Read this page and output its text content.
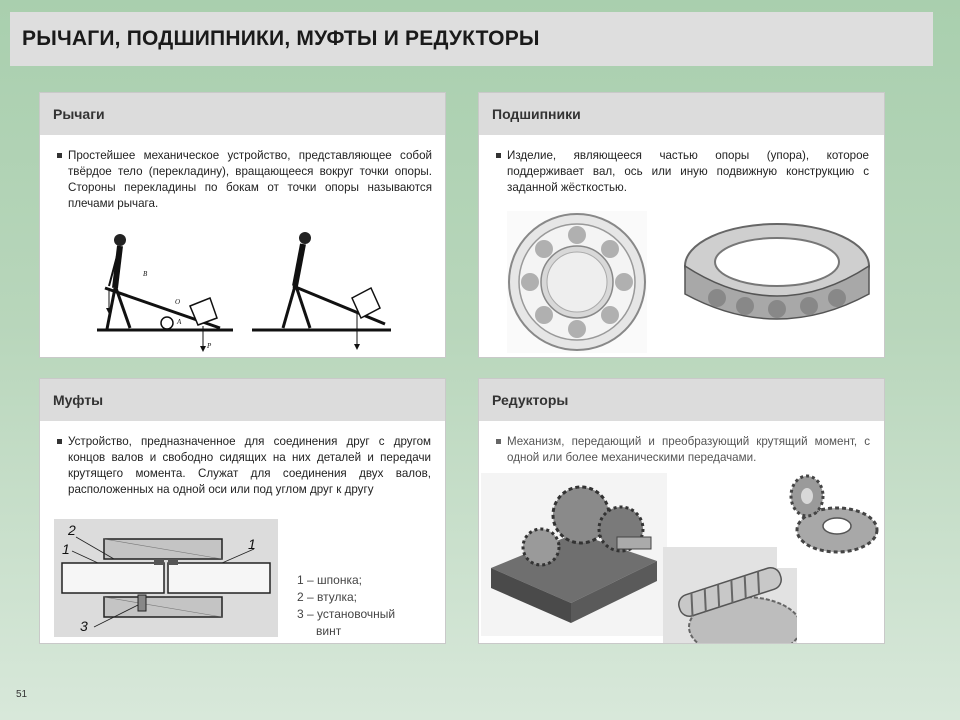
РЫЧАГИ, ПОДШИПНИКИ, МУФТЫ И РЕДУКТОРЫ
Рычаги
Простейшее механическое устройство, представляющее собой твёрдое тело (перекладину), вращающееся вокруг точки опоры. Стороны перекладины по бокам от точки опоры называются плечами рычага.
В
О
А
Р
Подшипники
Изделие, являющееся частью опоры (упора), которое поддерживает вал, ось или иную подвижную конструкцию с заданной жёсткостью.
Муфты
Устройство, предназначенное для соединения друг с другом концов валов и свободно сидящих на них деталей и передачи крутящего момента. Служат для соединения двух валов, расположенных на одной оси или под углом друг к другу
2
1	1
3
1 – шпонка;
2 – втулка;
3 – установочный
винт
Редукторы
Механизм, передающий и преобразующий крутящий момент, с одной или более механическими передачами.
51
